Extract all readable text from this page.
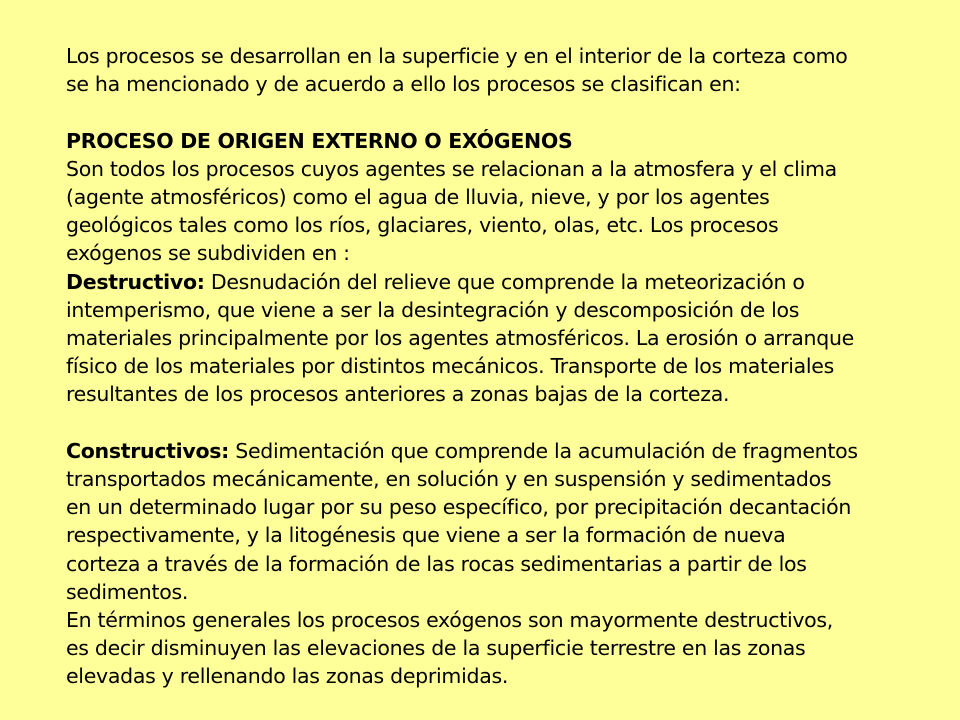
Los procesos se desarrollan en la superficie y en el interior de la corteza como
se ha mencionado y de acuerdo a ello los procesos se clasifican en:

PROCESO DE ORIGEN EXTERNO O EXÓGENOS

Son todos los procesos cuyos agentes se relacionan a la atmosfera y el clima
(agente atmosféricos) como el agua de lluvia, nieve, y por los agentes
geológicos tales como los ríos, glaciares, viento, olas, etc. Los procesos
exógenos se subdividen en :

Destructivo: Desnudación del relieve que comprende la meteorización o
intemperismo, que viene a ser la desintegración y descomposición de los
materiales principalmente por los agentes atmosféricos. La erosión o arranque
físico de los materiales por distintos mecánicos. Transporte de los materiales
resultantes de los procesos anteriores a zonas bajas de la corteza.

Constructivos: Sedimentación que comprende la acumulación de fragmentos
transportados mecánicamente, en solución y en suspensión y sedimentados
en un determinado lugar por su peso específico, por precipitación decantación
respectivamente, y la litogénesis que viene a ser la formación de nueva
corteza a través de la formación de las rocas sedimentarias a partir de los
sedimentos.

En términos generales los procesos exógenos son mayormente destructivos,
es decir disminuyen las elevaciones de la superficie terrestre en las zonas
elevadas y rellenando las zonas deprimidas.
